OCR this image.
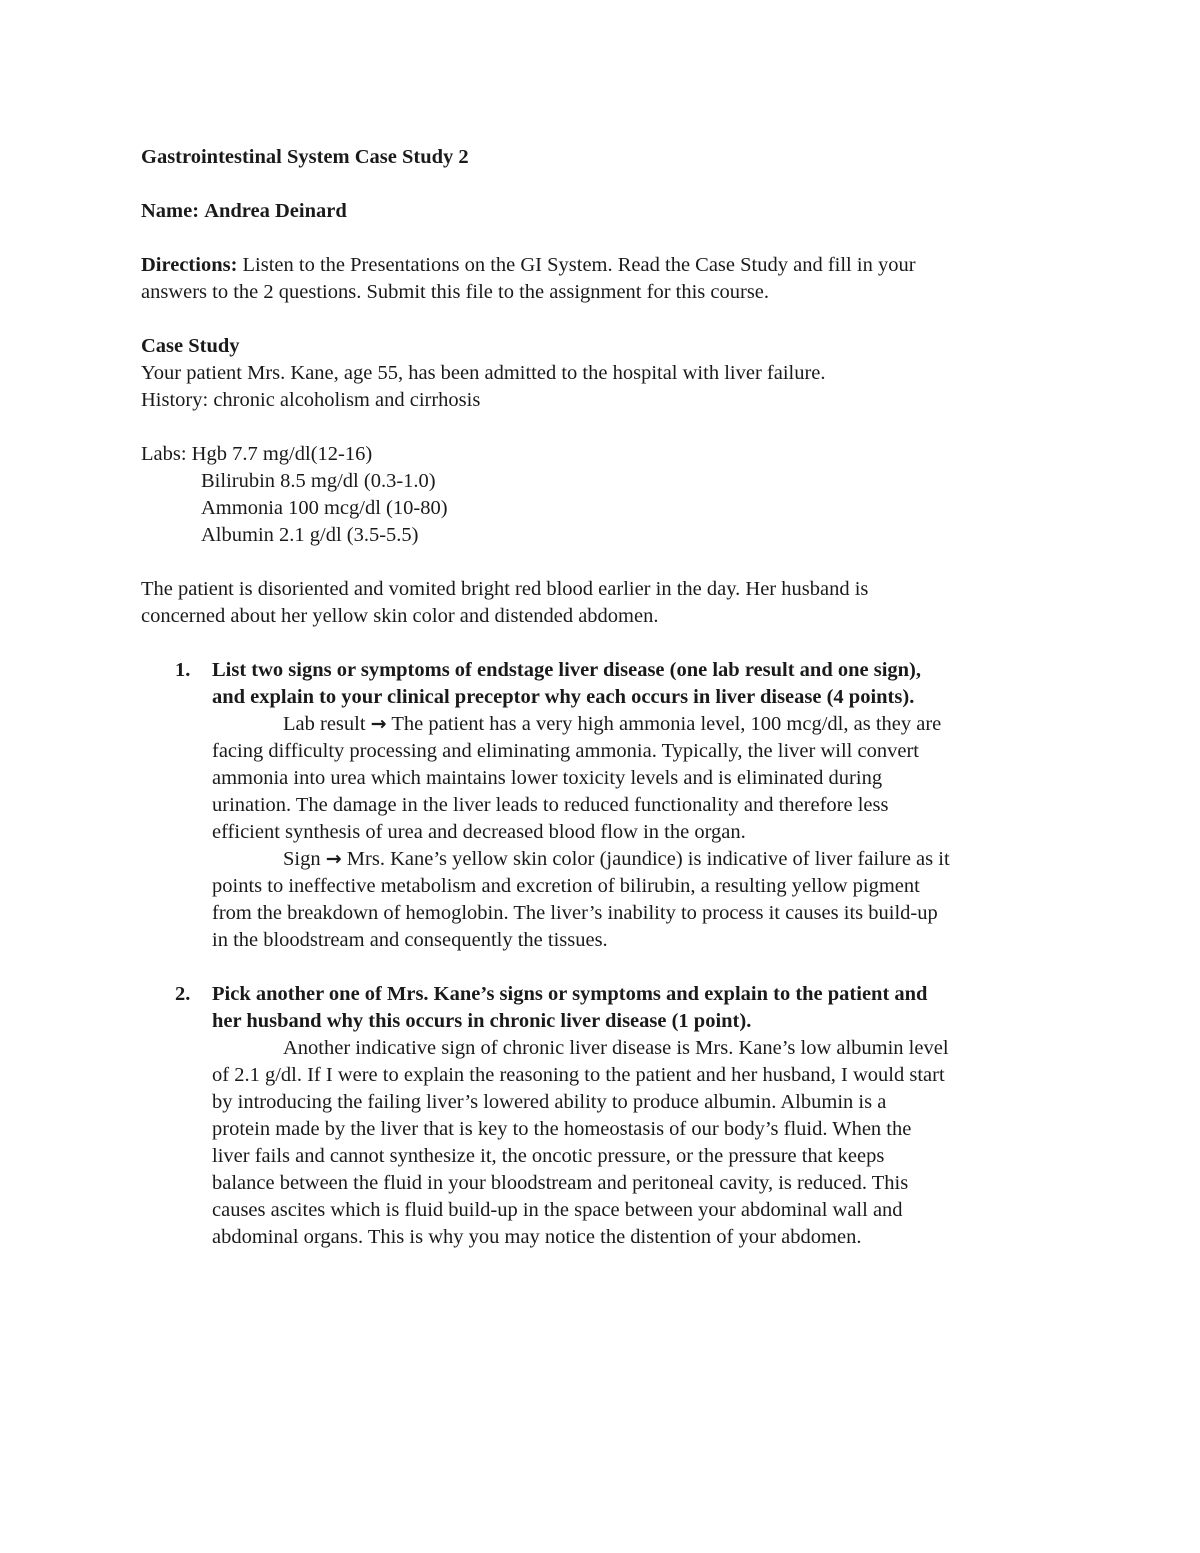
Gastrointestinal System Case Study 2

Name: Andrea Deinard

Directions: Listen to the Presentations on the GI System. Read the Case Study and fill in your

answers to the 2 questions. Submit this file to the assignment for this course.

Case Study

Your patient Mrs. Kane, age 55, has been admitted to the hospital with liver failure.

History: chronic alcoholism and cirrhosis

Labs: Hgb 7.7 mg/dl(12-16)

Bilirubin 8.5 mg/dl (0.3-1.0)

Ammonia 100 mcg/dl (10-80)

Albumin 2.1 g/dl (3.5-5.5)

The patient is disoriented and vomited bright red blood earlier in the day. Her husband is

concerned about her yellow skin color and distended abdomen.

1. List two signs or symptoms of endstage liver disease (one lab result and one sign),

and explain to your clinical preceptor why each occurs in liver disease (4 points).

Lab result → The patient has a very high ammonia level, 100 mcg/dl, as they are

facing difficulty processing and eliminating ammonia. Typically, the liver will convert

ammonia into urea which maintains lower toxicity levels and is eliminated during

urination. The damage in the liver leads to reduced functionality and therefore less

efficient synthesis of urea and decreased blood flow in the organ.

Sign → Mrs. Kane’s yellow skin color (jaundice) is indicative of liver failure as it

points to ineffective metabolism and excretion of bilirubin, a resulting yellow pigment

from the breakdown of hemoglobin. The liver’s inability to process it causes its build-up

in the bloodstream and consequently the tissues.

2. Pick another one of Mrs. Kane’s signs or symptoms and explain to the patient and

her husband why this occurs in chronic liver disease (1 point).

Another indicative sign of chronic liver disease is Mrs. Kane’s low albumin level

of 2.1 g/dl. If I were to explain the reasoning to the patient and her husband, I would start

by introducing the failing liver’s lowered ability to produce albumin. Albumin is a

protein made by the liver that is key to the homeostasis of our body’s fluid. When the

liver fails and cannot synthesize it, the oncotic pressure, or the pressure that keeps

balance between the fluid in your bloodstream and peritoneal cavity, is reduced. This

causes ascites which is fluid build-up in the space between your abdominal wall and

abdominal organs. This is why you may notice the distention of your abdomen.
